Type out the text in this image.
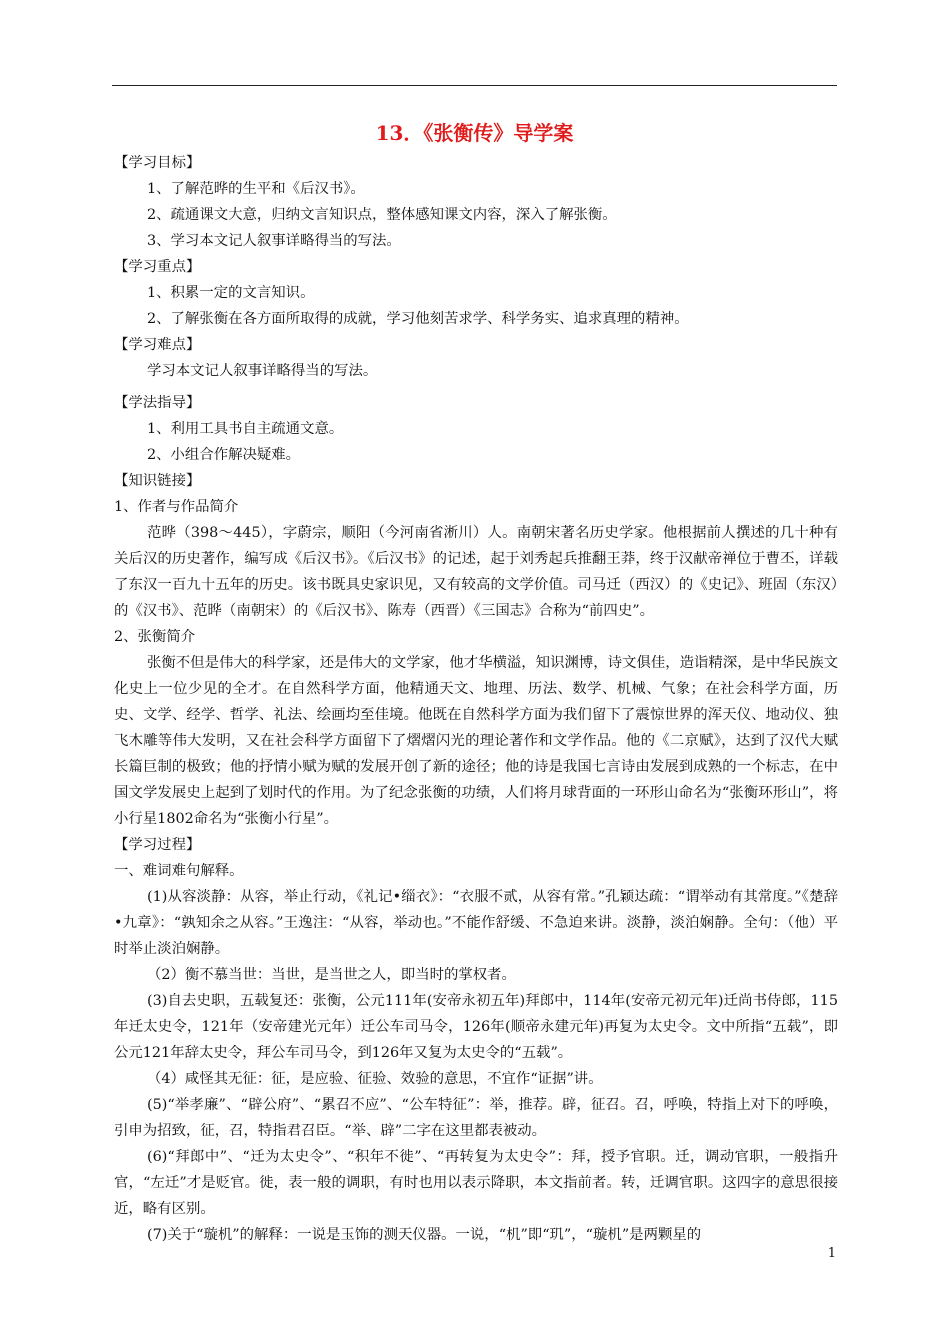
13．《张衡传》导学案

【学习目标】

1、了解范晔的生平和《后汉书》。

2、疏通课文大意，归纳文言知识点，整体感知课文内容，深入了解张衡。

3、学习本文记人叙事详略得当的写法。

【学习重点】

1、积累一定的文言知识。

2、了解张衡在各方面所取得的成就，学习他刻苦求学、科学务实、追求真理的精神。

【学习难点】

学习本文记人叙事详略得当的写法。

【学法指导】

1、利用工具书自主疏通文意。

2、小组合作解决疑难。

【知识链接】

1、作者与作品简介

范晔（398～445），字蔚宗，顺阳（今河南省淅川）人。南朝宋著名历史学家。他根据前人撰述的几十种有关后汉的历史著作，编写成《后汉书》。《后汉书》的记述，起于刘秀起兵推翻王莽，终于汉献帝禅位于曹丕，详载了东汉一百九十五年的历史。该书既具史家识见，又有较高的文学价值。司马迁（西汉）的《史记》、班固（东汉）的《汉书》、范晔（南朝宋）的《后汉书》、陈寿（西晋）《三国志》合称为“前四史”。

2、张衡简介

张衡不但是伟大的科学家，还是伟大的文学家，他才华横溢，知识渊博，诗文俱佳，造诣精深，是中华民族文化史上一位少见的全才。在自然科学方面，他精通天文、地理、历法、数学、机械、气象；在社会科学方面，历史、文学、经学、哲学、礼法、绘画均至佳境。他既在自然科学方面为我们留下了震惊世界的浑天仪、地动仪、独飞木雕等伟大发明，又在社会科学方面留下了熠熠闪光的理论著作和文学作品。他的《二京赋》，达到了汉代大赋长篇巨制的极致；他的抒情小赋为赋的发展开创了新的途径；他的诗是我国七言诗由发展到成熟的一个标志，在中国文学发展史上起到了划时代的作用。为了纪念张衡的功绩，人们将月球背面的一环形山命名为“张衡环形山”，将小行星1802命名为“张衡小行星”。

【学习过程】

一、难词难句解释。

(1)从容淡静：从容，举止行动，《礼记•缁衣》：“衣服不贰，从容有常。”孔颖达疏：“谓举动有其常度。”《楚辞•九章》：“孰知余之从容。”王逸注：“从容，举动也。”不能作舒缓、不急迫来讲。淡静，淡泊娴静。全句：（他）平时举止淡泊娴静。

（2）衡不慕当世：当世，是当世之人，即当时的掌权者。

(3)自去史职，五载复还：张衡，公元111年(安帝永初五年)拜郎中，114年(安帝元初元年)迁尚书侍郎，115年迁太史令，121年（安帝建光元年）迁公车司马令，126年(顺帝永建元年)再复为太史令。文中所指“五载”，即公元121年辞太史令，拜公车司马令，到126年又复为太史令的“五载”。

（4）咸怪其无征：征，是应验、征验、效验的意思，不宜作“证据”讲。

(5)“举孝廉”、“辟公府”、“累召不应”、“公车特征”：举，推荐。辟，征召。召，呼唤，特指上对下的呼唤，引申为招致，征，召，特指君召臣。“举、辟”二字在这里都表被动。

(6)“拜郎中”、“迁为太史令”、“积年不徙”、“再转复为太史令”：拜，授予官职。迁，调动官职，一般指升官，“左迁”才是贬官。徙，表一般的调职，有时也用以表示降职，本文指前者。转，迁调官职。这四字的意思很接近，略有区别。

(7)关于“璇机”的解释：一说是玉饰的测天仪器。一说，“机”即“玑”，“璇机”是两颗星的

1
